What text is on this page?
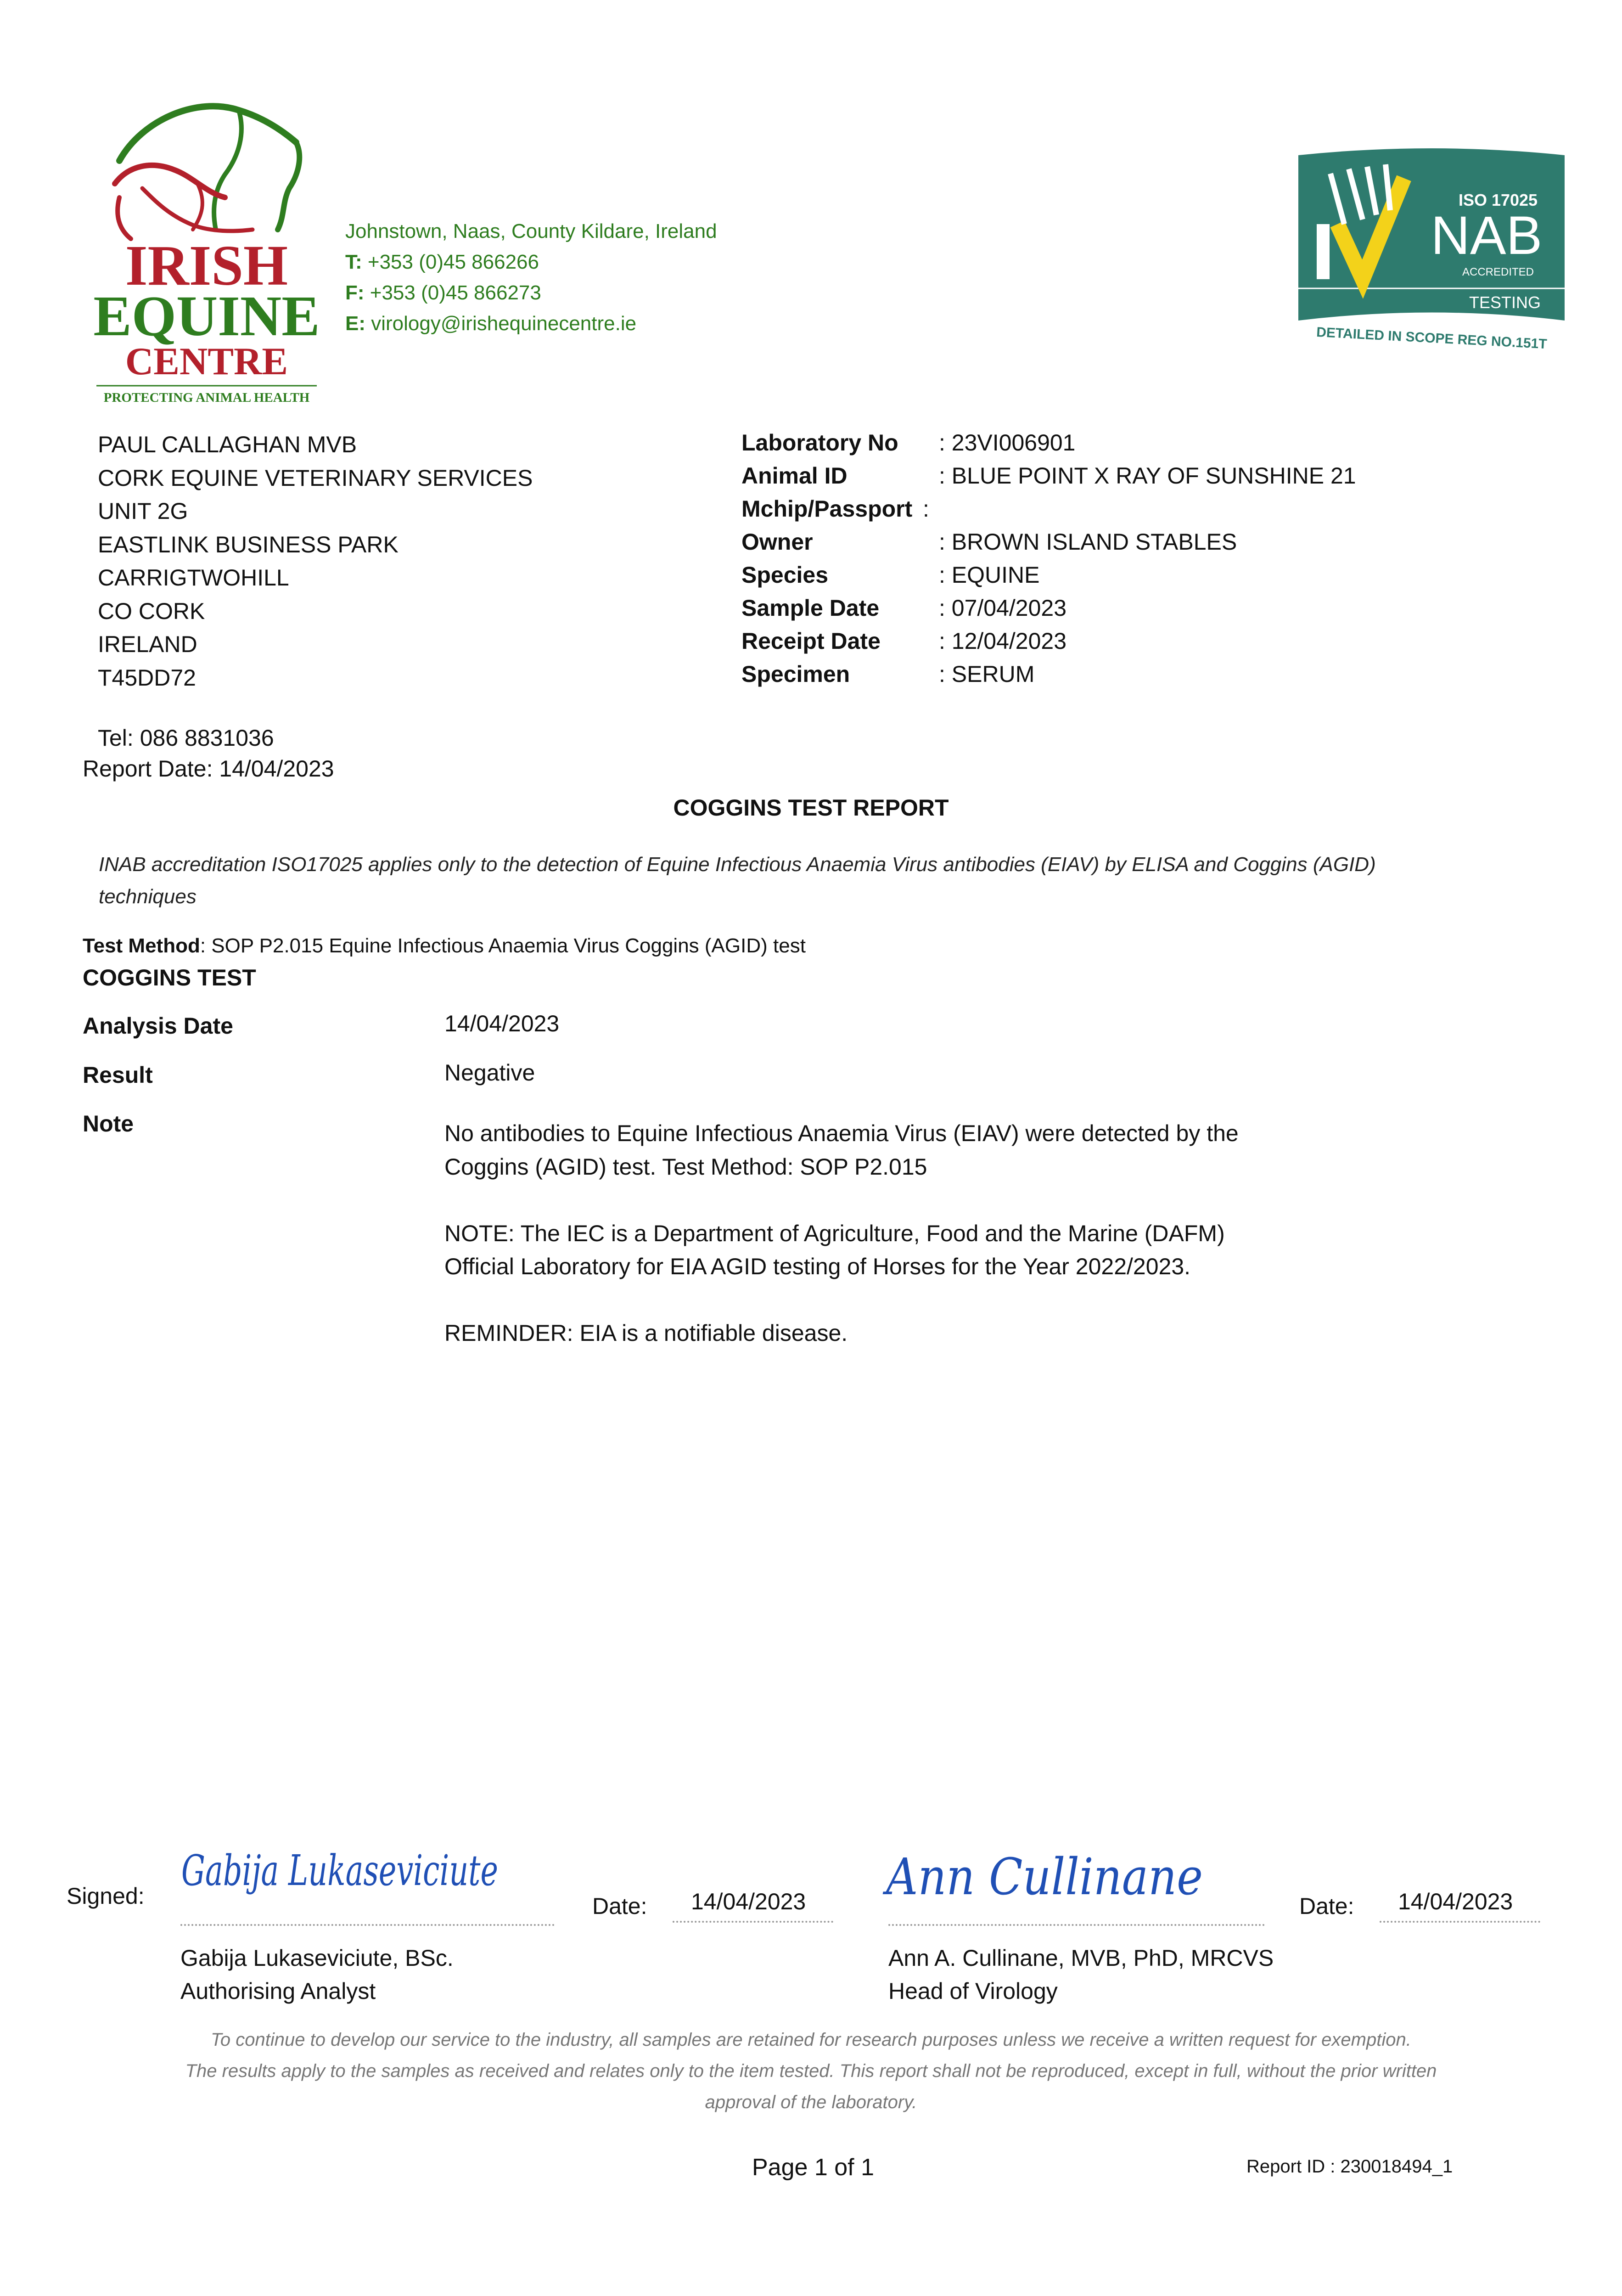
IRISH
EQUINE
CENTRE
PROTECTING ANIMAL HEALTH
Johnstown, Naas, County Kildare, Ireland
T: +353 (0)45 866266
F: +353 (0)45 866273
E: virology@irishequinecentre.ie
ISO 17025
NAB
ACCREDITED
TESTING
DETAILED IN SCOPE REG NO.151T
PAUL CALLAGHAN MVB
CORK EQUINE VETERINARY SERVICES
UNIT 2G
EASTLINK BUSINESS PARK
CARRIGTWOHILL
CO CORK
IRELAND
T45DD72
Tel: 086 8831036
Report Date: 14/04/2023
Laboratory No : 23VI006901
Animal ID	: BLUE POINT X RAY OF SUNSHINE 21
Mchip/Passport :
Owner	: BROWN ISLAND STABLES
Species	: EQUINE
Sample Date	: 07/04/2023
Receipt Date	: 12/04/2023
Specimen	: SERUM
COGGINS TEST REPORT
INAB accreditation ISO17025 applies only to the detection of Equine Infectious Anaemia Virus antibodies (EIAV) by ELISA and Coggins (AGID) techniques
Test Method: SOP P2.015 Equine Infectious Anaemia Virus Coggins (AGID) test
COGGINS TEST
Analysis Date	14/04/2023
Result	Negative
Note	No antibodies to Equine Infectious Anaemia Virus (EIAV) were detected by the Coggins (AGID) test. Test Method: SOP P2.015

NOTE: The IEC is a Department of Agriculture, Food and the Marine (DAFM) Official Laboratory for EIA AGID testing of Horses for the Year 2022/2023.

REMINDER: EIA is a notifiable disease.

Signed:
Gabija Lukaseviciute
Date: 14/04/2023 Ann Cullinane	Date: 14/04/2023
Gabija Lukaseviciute, BSc.
Authorising Analyst
Ann A. Cullinane, MVB, PhD, MRCVS
Head of Virology
To continue to develop our service to the industry, all samples are retained for research purposes unless we receive a written request for exemption.
The results apply to the samples as received and relates only to the item tested. This report shall not be reproduced, except in full, without the prior written approval of the laboratory.
Page 1 of 1	Report ID : 230018494_1
